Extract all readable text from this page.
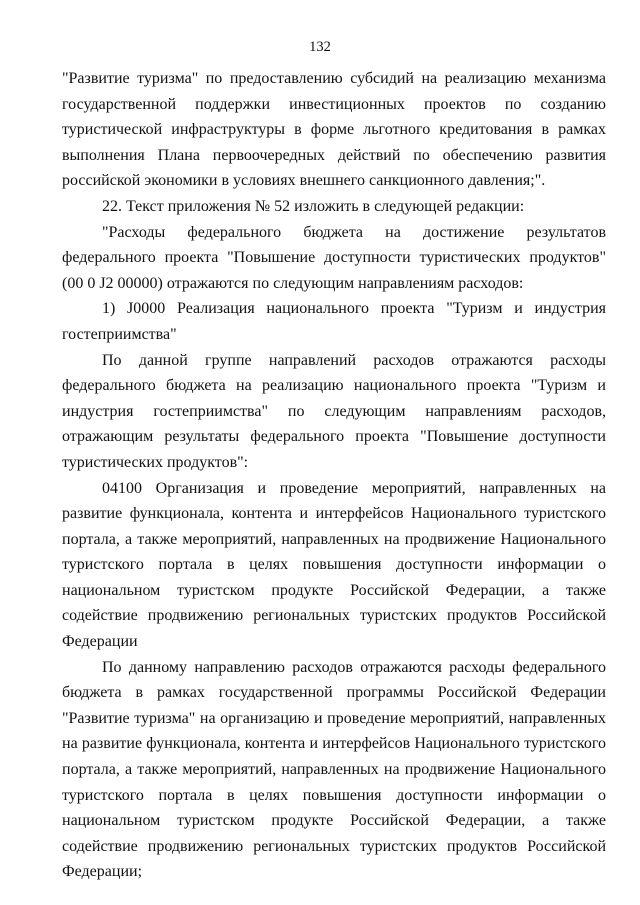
132

"Развитие туризма" по предоставлению субсидий на реализацию механизма государственной поддержки инвестиционных проектов по созданию туристической инфраструктуры в форме льготного кредитования в рамках выполнения Плана первоочередных действий по обеспечению развития российской экономики в условиях внешнего санкционного давления;".

22. Текст приложения № 52 изложить в следующей редакции:

"Расходы федерального бюджета на достижение результатов федерального проекта "Повышение доступности туристических продуктов" (00 0 J2 00000) отражаются по следующим направлениям расходов:

1) J0000 Реализация национального проекта "Туризм и индустрия гостеприимства"

По данной группе направлений расходов отражаются расходы федерального бюджета на реализацию национального проекта "Туризм и индустрия гостеприимства" по следующим направлениям расходов, отражающим результаты федерального проекта "Повышение доступности туристических продуктов":

04100 Организация и проведение мероприятий, направленных на развитие функционала, контента и интерфейсов Национального туристского портала, а также мероприятий, направленных на продвижение Национального туристского портала в целях повышения доступности информации о национальном туристском продукте Российской Федерации, а также содействие продвижению региональных туристских продуктов Российской Федерации

По данному направлению расходов отражаются расходы федерального бюджета в рамках государственной программы Российской Федерации "Развитие туризма" на организацию и проведение мероприятий, направленных на развитие функционала, контента и интерфейсов Национального туристского портала, а также мероприятий, направленных на продвижение Национального туристского портала в целях повышения доступности информации о национальном туристском продукте Российской Федерации, а также содействие продвижению региональных туристских продуктов Российской Федерации;
